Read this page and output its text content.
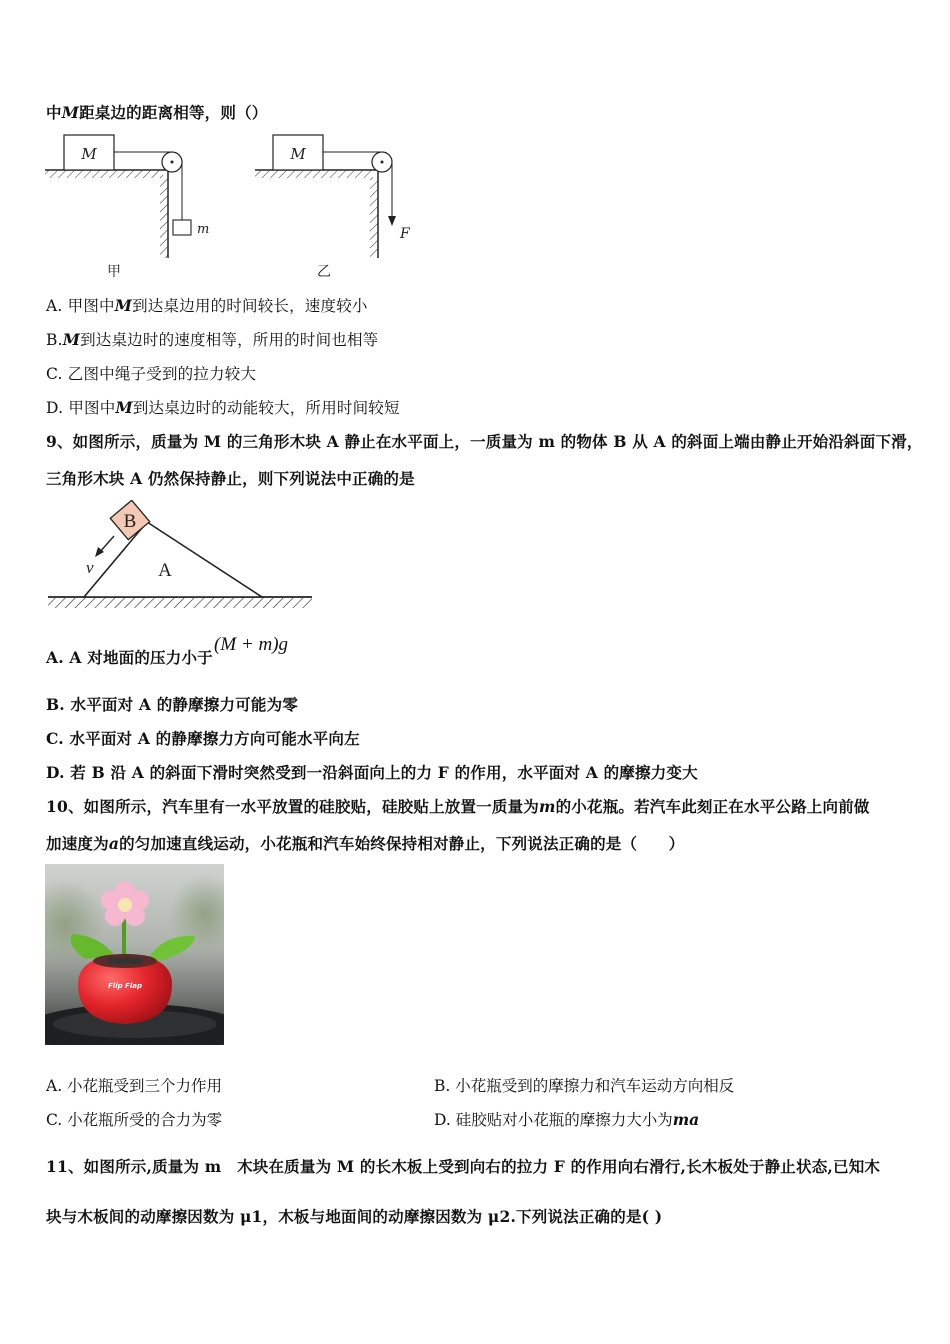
中M距桌边的距离相等，则（）
M
m
甲
M
F
乙
A. 甲图中M到达桌边用的时间较长，速度较小
B.M到达桌边时的速度相等，所用的时间也相等
C. 乙图中绳子受到的拉力较大
D. 甲图中M到达桌边时的动能较大，所用时间较短
9、如图所示，质量为 M 的三角形木块 A 静止在水平面上，一质量为 m 的物体 B 从 A 的斜面上端由静止开始沿斜面下滑，
三角形木块 A 仍然保持静止，则下列说法中正确的是
B
A
v
A. A 对地面的压力小于
(M + m)g
B. 水平面对 A 的静摩擦力可能为零
C. 水平面对 A 的静摩擦力方向可能水平向左
D. 若 B 沿 A 的斜面下滑时突然受到一沿斜面向上的力 F 的作用，水平面对 A 的摩擦力变大
10、如图所示，汽车里有一水平放置的硅胶贴，硅胶贴上放置一质量为m的小花瓶。若汽车此刻正在水平公路上向前做
加速度为a的匀加速直线运动，小花瓶和汽车始终保持相对静止，下列说法正确的是（　　）
Flip Flap
A. 小花瓶受到三个力作用	B. 小花瓶受到的摩擦力和汽车运动方向相反
C. 小花瓶所受的合力为零	D. 硅胶贴对小花瓶的摩擦力大小为ma
11、如图所示,质量为 m　木块在质量为 M 的长木板上受到向右的拉力 F 的作用向右滑行,长木板处于静止状态,已知木
块与木板间的动摩擦因数为 μ1，木板与地面间的动摩擦因数为 μ2.下列说法正确的是( )
